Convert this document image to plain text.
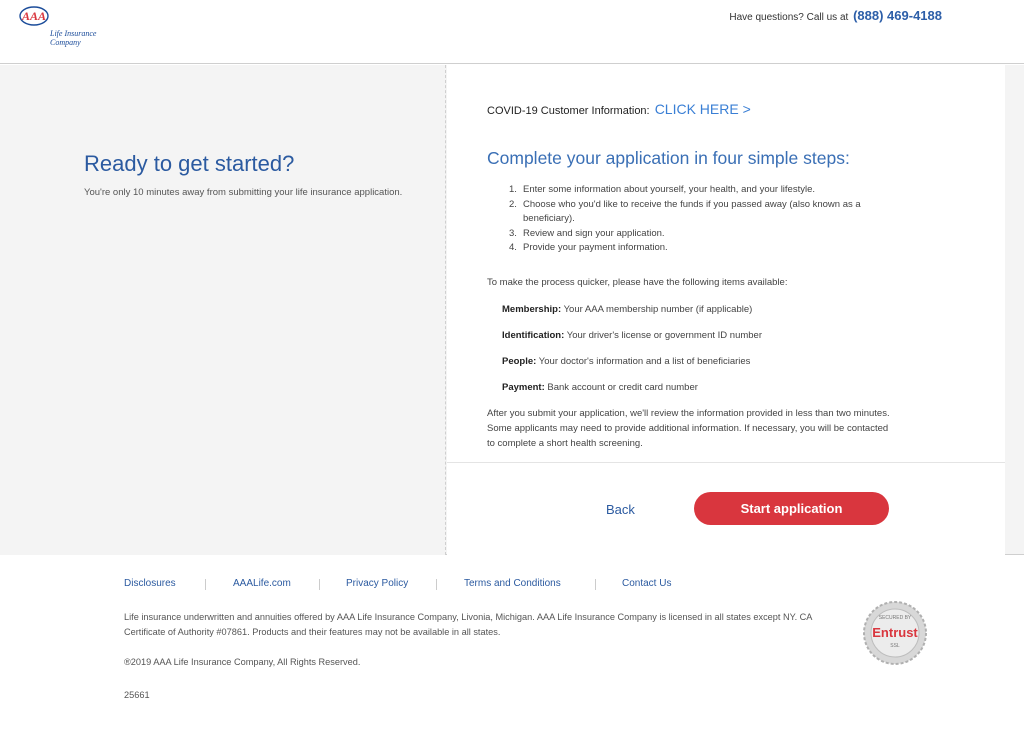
AAA
Life Insurance Company
Have questions? Call us at (888) 469-4188
Ready to get started?
You're only 10 minutes away from submitting your life insurance application.
COVID-19 Customer Information: CLICK HERE >
Complete your application in four simple steps:
1. Enter some information about yourself, your health, and your lifestyle.
2. Choose who you'd like to receive the funds if you passed away (also known as a beneficiary).
3. Review and sign your application.
4. Provide your payment information.
To make the process quicker, please have the following items available:
Membership: Your AAA membership number (if applicable)
Identification: Your driver's license or government ID number
People: Your doctor's information and a list of beneficiaries
Payment: Bank account or credit card number
After you submit your application, we'll review the information provided in less than two minutes. Some applicants may need to provide additional information. If necessary, you will be contacted to complete a short health screening.
Back	Start application
Disclosures	AAALife.com	Privacy Policy	Terms and Conditions	Contact Us
Life insurance underwritten and annuities offered by AAA Life Insurance Company, Livonia, Michigan. AAA Life Insurance Company is licensed in all states except NY. CA Certificate of Authority #07861. Products and their features may not be available in all states.
®2019 AAA Life Insurance Company, All Rights Reserved.
25661
SECURED BY
Entrust
SSL
